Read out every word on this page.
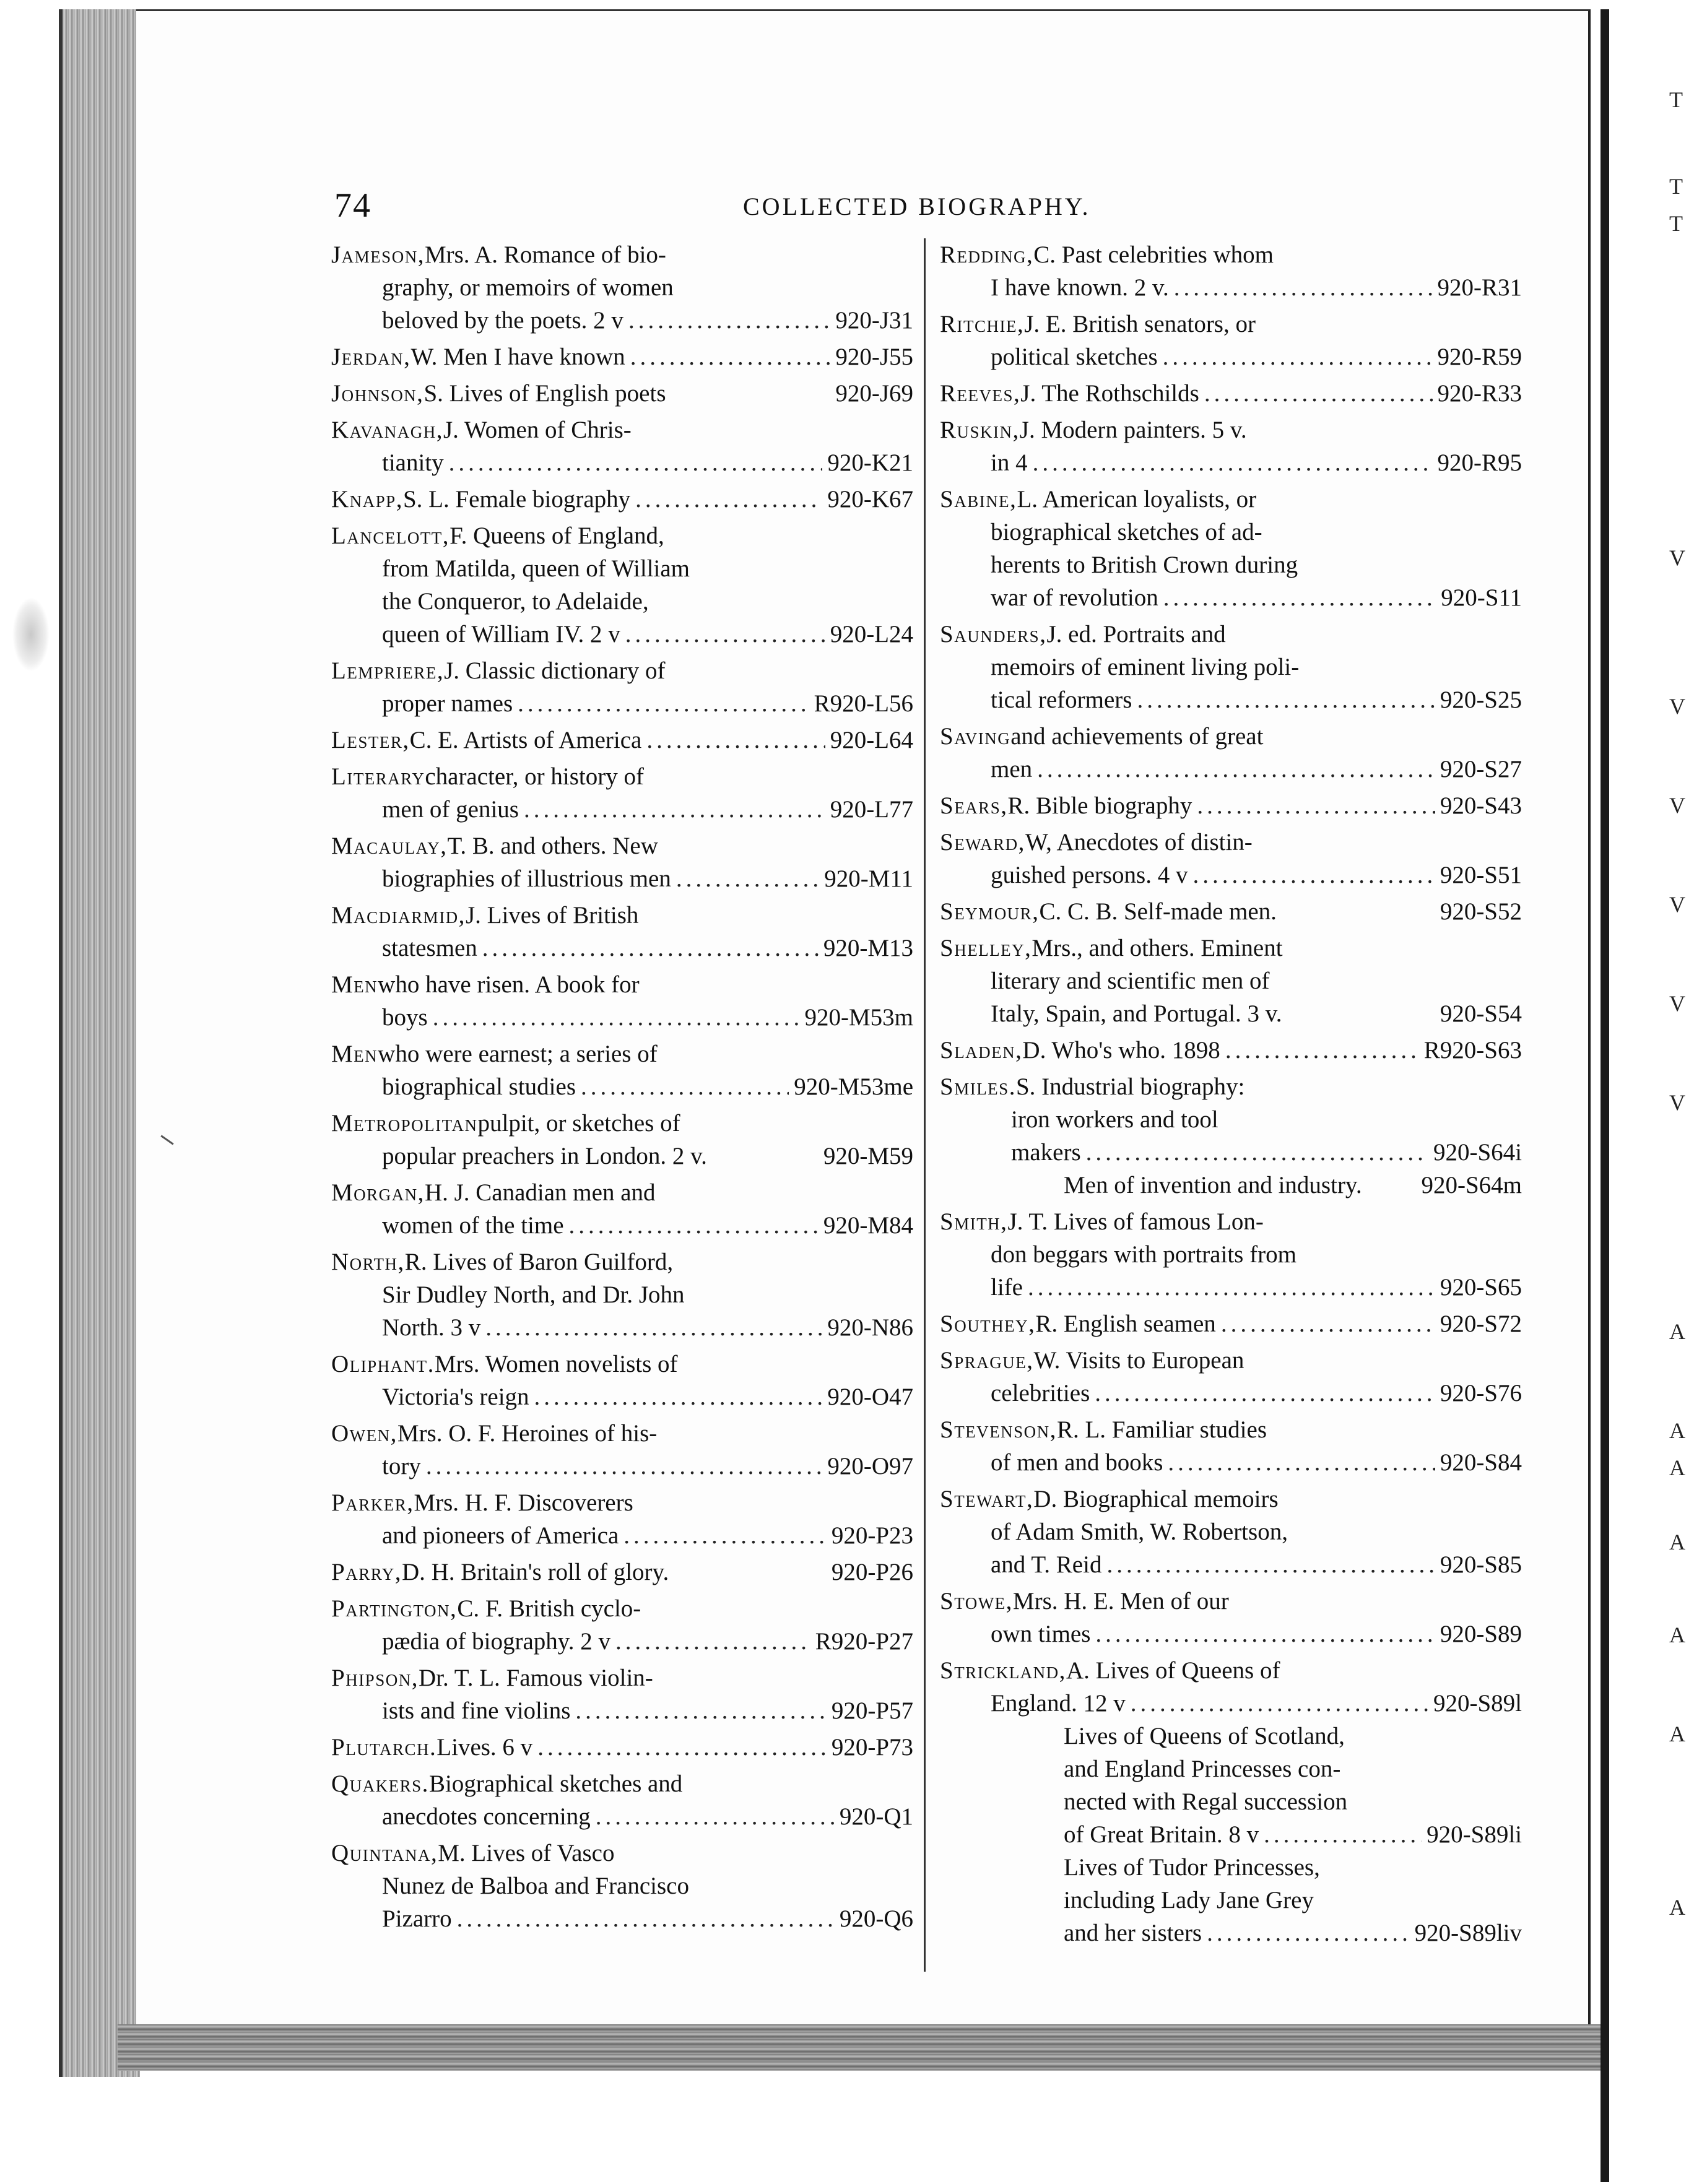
T
T
T
V
V
V
V
V
V
A
A
A
A
A
A
A
74	COLLECTED BIOGRAPHY.
Jameson, Mrs. A. Romance of bio-
graphy, or memoirs of women
beloved by the poets. 2 v .....	920-J31
Jerdan, W. Men I have known .....	920-J55
Johnson, S. Lives of English poets	920-J69
Kavanagh, J. Women of Chris-
tianity .....	920-K21
Knapp, S. L. Female biography .....	920-K67
Lancelott, F. Queens of England,
from Matilda, queen of William
the Conqueror, to Adelaide,
queen of William IV. 2 v .....	920-L24
Lempriere, J. Classic dictionary of
proper names .....	R920-L56
Lester, C. E. Artists of America .....	920-L64
Literary character, or history of
men of genius .....	920-L77
Macaulay, T. B. and others. New
biographies of illustrious men .....	920-M11
Macdiarmid, J. Lives of British
statesmen .....	920-M13
Men who have risen. A book for
boys .....	920-M53m
Men who were earnest; a series of
biographical studies .....	920-M53me
Metropolitan pulpit, or sketches of
popular preachers in London. 2 v.	920-M59
Morgan, H. J. Canadian men and
women of the time .....	920-M84
North, R. Lives of Baron Guilford,
Sir Dudley North, and Dr. John
North. 3 v .....	920-N86
Oliphant. Mrs. Women novelists of
Victoria's reign .....	920-O47
Owen, Mrs. O. F. Heroines of his-
tory .....	920-O97
Parker, Mrs. H. F. Discoverers
and pioneers of America .....	920-P23
Parry, D. H. Britain's roll of glory.	920-P26
Partington, C. F. British cyclo-
pædia of biography. 2 v .....	R920-P27
Phipson, Dr. T. L. Famous violin-
ists and fine violins .....	920-P57
Plutarch. Lives. 6 v .....	920-P73
Quakers. Biographical sketches and
anecdotes concerning .....	920-Q1
Quintana, M. Lives of Vasco
Nunez de Balboa and Francisco
Pizarro .....	920-Q6
Redding, C. Past celebrities whom
I have known. 2 v. .....	920-R31
Ritchie, J. E. British senators, or
political sketches .....	920-R59
Reeves, J. The Rothschilds .....	920-R33
Ruskin, J. Modern painters. 5 v.
in 4 .....	920-R95
Sabine, L. American loyalists, or
biographical sketches of ad-
herents to British Crown during
war of revolution .....	920-S11
Saunders, J. ed. Portraits and
memoirs of eminent living poli-
tical reformers .....	920-S25
Saving and achievements of great
men .....	920-S27
Sears, R. Bible biography .....	920-S43
Seward, W, Anecdotes of distin-
guished persons. 4 v .....	920-S51
Seymour, C. C. B. Self-made men.	920-S52
Shelley, Mrs., and others. Eminent
literary and scientific men of
Italy, Spain, and Portugal. 3 v.	920-S54
Sladen, D. Who's who. 1898 .....	R920-S63
Smiles. S. Industrial biography:
iron workers and tool
makers .....	920-S64i
Men of invention and industry. 920-S64m
Smith, J. T. Lives of famous Lon-
don beggars with portraits from
life .....	920-S65
Southey, R. English seamen .....	920-S72
Sprague, W. Visits to European
celebrities .....	920-S76
Stevenson, R. L. Familiar studies
of men and books .....	920-S84
Stewart, D. Biographical memoirs
of Adam Smith, W. Robertson,
and T. Reid .....	920-S85
Stowe, Mrs. H. E. Men of our
own times .....	920-S89
Strickland, A. Lives of Queens of
England. 12 v .....	920-S89l
Lives of Queens of Scotland,
and England Princesses con-
nected with Regal succession
of Great Britain. 8 v .....	920-S89li
Lives of Tudor Princesses,
including Lady Jane Grey
and her sisters .....	920-S89liv
